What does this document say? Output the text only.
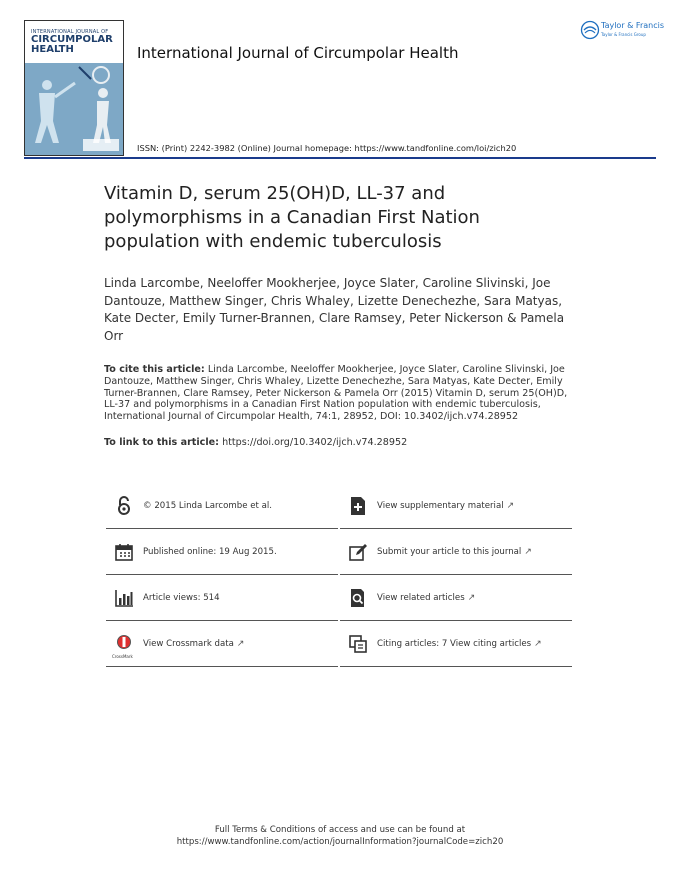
INTERNATIONAL JOURNAL OF
CIRCUMPOLAR
HEALTH	International Journal of Circumpolar Health
ISSN: (Print) 2242-3982 (Online) Journal homepage: https://www.tandfonline.com/loi/zich20
Taylor & Francis
Taylor & Francis Group
Vitamin D, serum 25(OH)D, LL-37 and polymorphisms in a Canadian First Nation population with endemic tuberculosis
Linda Larcombe, Neeloffer Mookherjee, Joyce Slater, Caroline Slivinski, Joe Dantouze, Matthew Singer, Chris Whaley, Lizette Denechezhe, Sara Matyas, Kate Decter, Emily Turner-Brannen, Clare Ramsey, Peter Nickerson & Pamela Orr
To cite this article: Linda Larcombe, Neeloffer Mookherjee, Joyce Slater, Caroline Slivinski, Joe Dantouze, Matthew Singer, Chris Whaley, Lizette Denechezhe, Sara Matyas, Kate Decter, Emily Turner-Brannen, Clare Ramsey, Peter Nickerson & Pamela Orr (2015) Vitamin D, serum 25(OH)D, LL-37 and polymorphisms in a Canadian First Nation population with endemic tuberculosis, International Journal of Circumpolar Health, 74:1, 28952, DOI: 10.3402/ijch.v74.28952
To link to this article: https://doi.org/10.3402/ijch.v74.28952
© 2015 Linda Larcombe et al.	View supplementary material ↗
Published online: 19 Aug 2015.	Submit your article to this journal ↗
Article views: 514	View related articles ↗
CrossMark
View Crossmark data ↗	Citing articles: 7 View citing articles ↗
Full Terms & Conditions of access and use can be found at
https://www.tandfonline.com/action/journalInformation?journalCode=zich20
